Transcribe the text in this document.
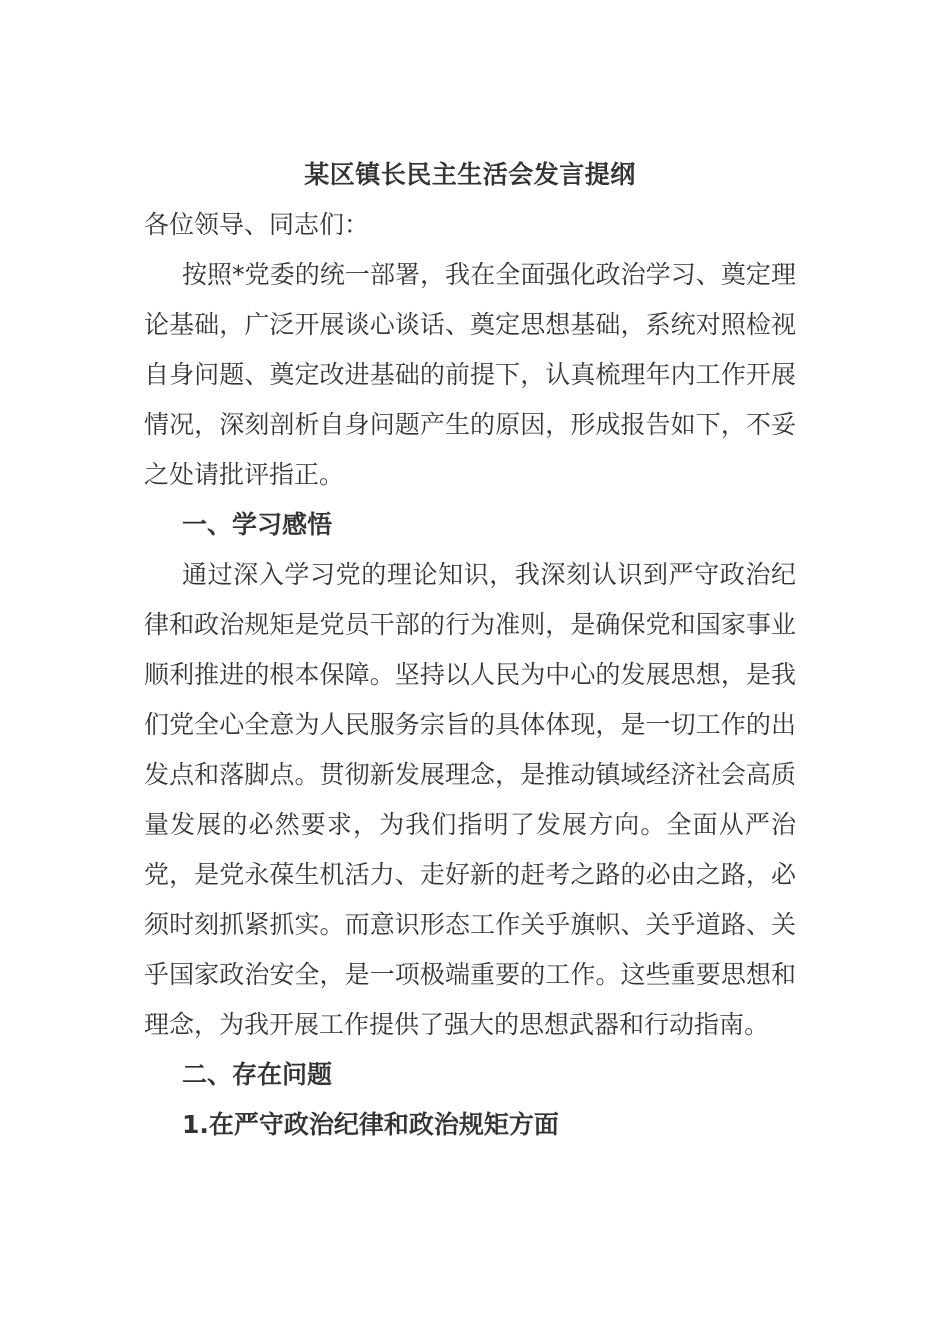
某区镇长民主生活会发言提纲

各位领导、同志们：

按照*党委的统一部署，我在全面强化政治学习、奠定理论基础，广泛开展谈心谈话、奠定思想基础，系统对照检视自身问题、奠定改进基础的前提下，认真梳理年内工作开展情况，深刻剖析自身问题产生的原因，形成报告如下，不妥之处请批评指正。

一、学习感悟

通过深入学习党的理论知识，我深刻认识到严守政治纪律和政治规矩是党员干部的行为准则，是确保党和国家事业顺利推进的根本保障。坚持以人民为中心的发展思想，是我们党全心全意为人民服务宗旨的具体体现，是一切工作的出发点和落脚点。贯彻新发展理念，是推动镇域经济社会高质量发展的必然要求，为我们指明了发展方向。全面从严治党，是党永葆生机活力、走好新的赶考之路的必由之路，必须时刻抓紧抓实。而意识形态工作关乎旗帜、关乎道路、关乎国家政治安全，是一项极端重要的工作。这些重要思想和理念，为我开展工作提供了强大的思想武器和行动指南。

二、存在问题

1.在严守政治纪律和政治规矩方面
